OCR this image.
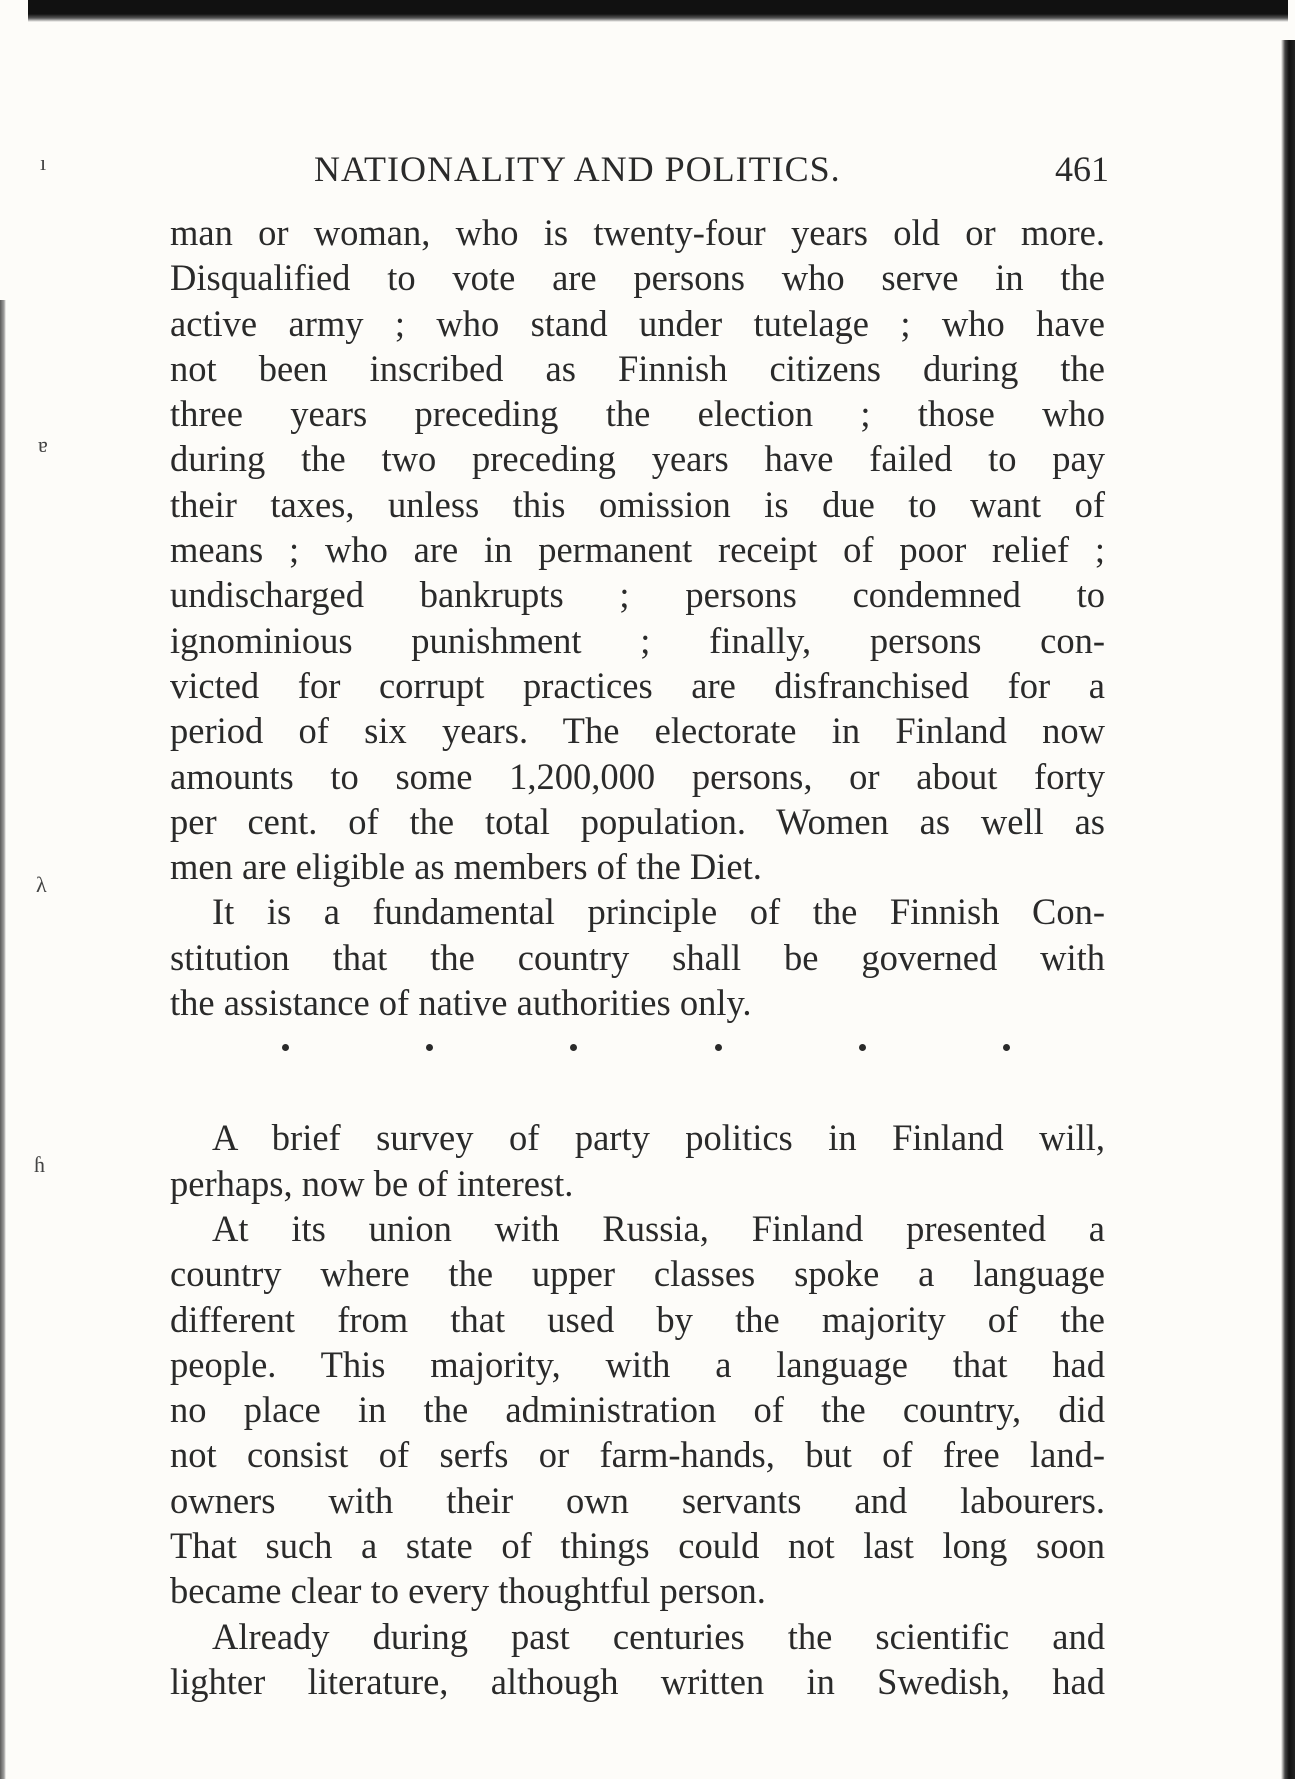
ı
ɐ
λ
ɦ
NATIONALITY AND POLITICS.	461
man or woman, who is twenty-four years old or more.
Disqualified to vote are persons who serve in the
active army ; who stand under tutelage ; who have
not been inscribed as Finnish citizens during the
three years preceding the election ; those who
during the two preceding years have failed to pay
their taxes, unless this omission is due to want of
means ; who are in permanent receipt of poor relief ;
undischarged bankrupts ; persons condemned to
ignominious punishment ; finally, persons con-
victed for corrupt practices are disfranchised for a
period of six years. The electorate in Finland now
amounts to some 1,200,000 persons, or about forty
per cent. of the total population. Women as well as
men are eligible as members of the Diet.
It is a fundamental principle of the Finnish Con-
stitution that the country shall be governed with
the assistance of native authorities only.
A brief survey of party politics in Finland will,
perhaps, now be of interest.
At its union with Russia, Finland presented a
country where the upper classes spoke a language
different from that used by the majority of the
people. This majority, with a language that had
no place in the administration of the country, did
not consist of serfs or farm-hands, but of free land-
owners with their own servants and labourers.
That such a state of things could not last long soon
became clear to every thoughtful person.
Already during past centuries the scientific and
lighter literature, although written in Swedish, had
